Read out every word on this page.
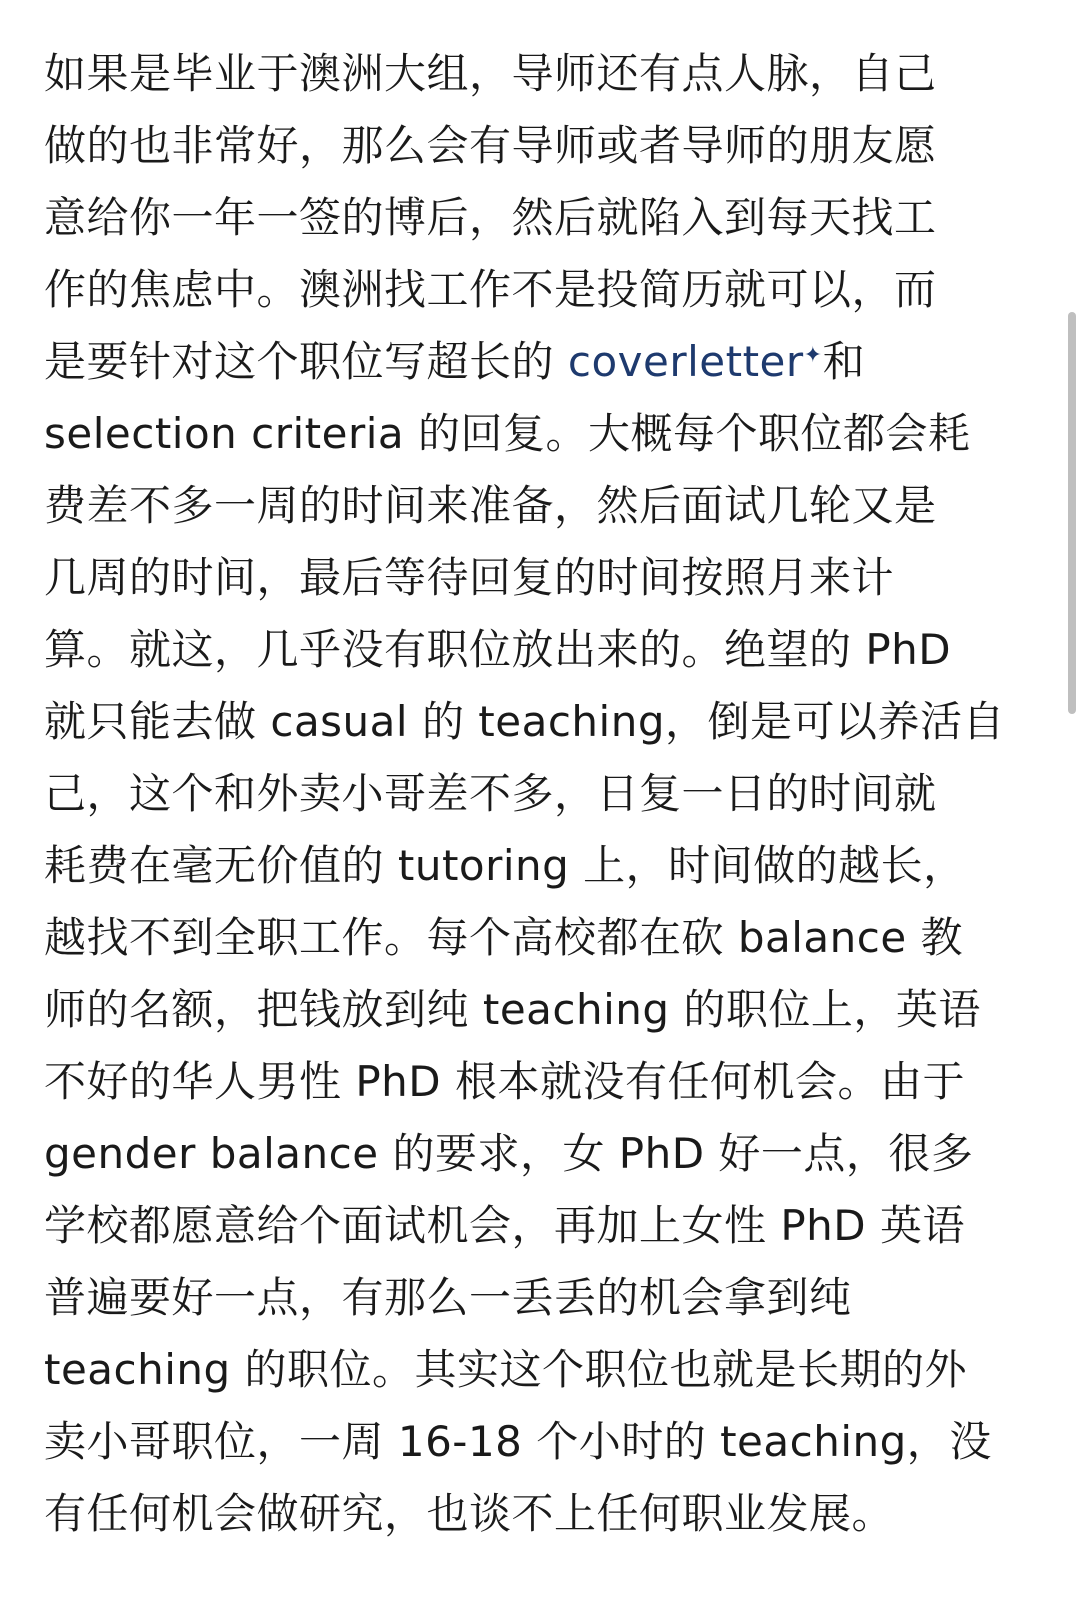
如果是毕业于澳洲大组，导师还有点人脉，自己
做的也非常好，那么会有导师或者导师的朋友愿
意给你一年一签的博后，然后就陷入到每天找工
作的焦虑中。澳洲找工作不是投简历就可以，而
是要针对这个职位写超长的 coverletter✦和
selection criteria 的回复。大概每个职位都会耗
费差不多一周的时间来准备，然后面试几轮又是
几周的时间，最后等待回复的时间按照月来计
算。就这，几乎没有职位放出来的。绝望的 PhD
就只能去做 casual 的 teaching，倒是可以养活自
己，这个和外卖小哥差不多，日复一日的时间就
耗费在毫无价值的 tutoring 上，时间做的越长，
越找不到全职工作。每个高校都在砍 balance 教
师的名额，把钱放到纯 teaching 的职位上，英语
不好的华人男性 PhD 根本就没有任何机会。由于
gender balance 的要求，女 PhD 好一点，很多
学校都愿意给个面试机会，再加上女性 PhD 英语
普遍要好一点，有那么一丢丢的机会拿到纯
teaching 的职位。其实这个职位也就是长期的外
卖小哥职位，一周 16-18 个小时的 teaching，没
有任何机会做研究，也谈不上任何职业发展。
